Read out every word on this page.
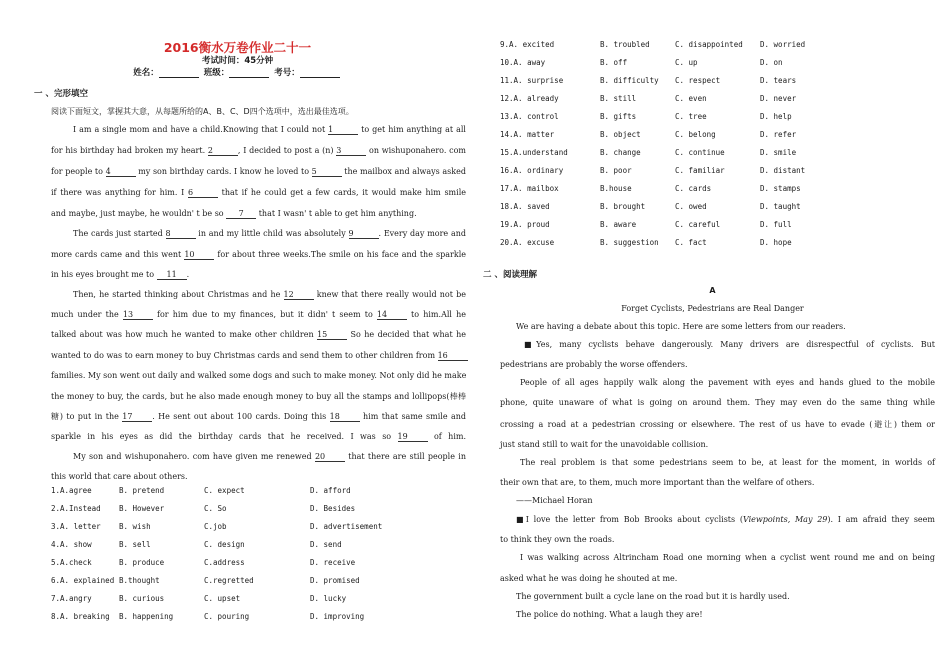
2016衡水万卷作业二十一
考试时间：45分钟
姓名：	班级：	考号：
一 、完形填空
阅读下面短文，掌握其大意，从每题所给的A、B、C、D四个选项中，选出最佳选项。
I am a single mom and have a child.Knowing that I could not 1	to get him anything at all
for his birthday had broken my heart. 2	, I decided to post a (n) 3	on wishuponahero. com
for people to 4	my son birthday cards. I know he loved to 5	the mailbox and always asked
if there was anything for him. I 6	that if he could get a few cards, it would make him smile
and maybe, just maybe, he wouldn' t be so 7 that I wasn' t able to get him anything.
The cards just started 8	in and my little child was absolutely 9	. Every day more and
more cards came and this went 10 for about three weeks.The smile on his face and the sparkle
in his eyes brought me to 11 .
Then, he started thinking about Christmas and he 12 knew that there really would not be
much under the 13 for him due to my finances, but it didn' t seem to 14 to him.All he
talked about was how much he wanted to make other children 15 So he decided that what he
wanted to do was to earn money to buy Christmas cards and send them to other children from 16
families. My son went out daily and walked some dogs and such to make money. Not only did he make
the money to buy, the cards, but he also made enough money to buy all the stamps and lollipops(棒棒
糖) to put in the 17 . He sent out about 100 cards. Doing this 18 him that same smile and
sparkle in his eyes as did the birthday cards that he received. I was so 19 of him.
My son and wishuponahero. com have given me renewed 20 that there are still people in
this world that care about others.
1.A.agree	B. pretend	C. expect	D. afford
2.A.Instead B. However	C. So	D. Besides
3.A. letter B. wish	C.job	D. advertisement
4.A. show	B. sell	C. design	D. send
5.A.check	B. produce	C.address	D. receive
6.A. explained B.thought	C.regretted	D. promised
7.A.angry	B. curious	C. upset	D. lucky
8.A. breaking B. happening	C. pouring	D. improving
9.A. excited	B. troubled	C. disappointed D. worried
10.A. away	B. off	C. up	D. on
11.A. surprise	B. difficulty C. respect	D. tears
12.A. already	B. still	C. even	D. never
13.A. control	B. gifts	C. tree	D. help
14.A. matter	B. object	C. belong	D. refer
15.A.understand	B. change	C. continue	D. smile
16.A. ordinary	B. poor	C. familiar	D. distant
17.A. mailbox	B.house	C. cards	D. stamps
18.A. saved	B. brought	C. owed	D. taught
19.A. proud	B. aware	C. careful	D. full
20.A. excuse	B. suggestion C. fact	D. hope
二 、阅读理解
A
Forget Cyclists, Pedestrians are Real Danger
We are having a debate about this topic. Here are some letters from our readers.
■Yes, many cyclists behave dangerously. Many drivers are disrespectful of cyclists. But
pedestrians are probably the worse offenders.
People of all ages happily walk along the pavement with eyes and hands glued to the mobile
phone, quite unaware of what is going on around them. They may even do the same thing while
crossing a road at a pedestrian crossing or elsewhere. The rest of us have to evade (避让) them or
just stand still to wait for the unavoidable collision.
The real problem is that some pedestrians seem to be, at least for the moment, in worlds of
their own that are, to them, much more important than the welfare of others.
——Michael Horan
■I love the letter from Bob Brooks about cyclists (Viewpoints, May 29). I am afraid they seem
to think they own the roads.
I was walking across Altrincham Road one morning when a cyclist went round me and on being
asked what he was doing he shouted at me.
The government built a cycle lane on the road but it is hardly used.
The police do nothing. What a laugh they are!
